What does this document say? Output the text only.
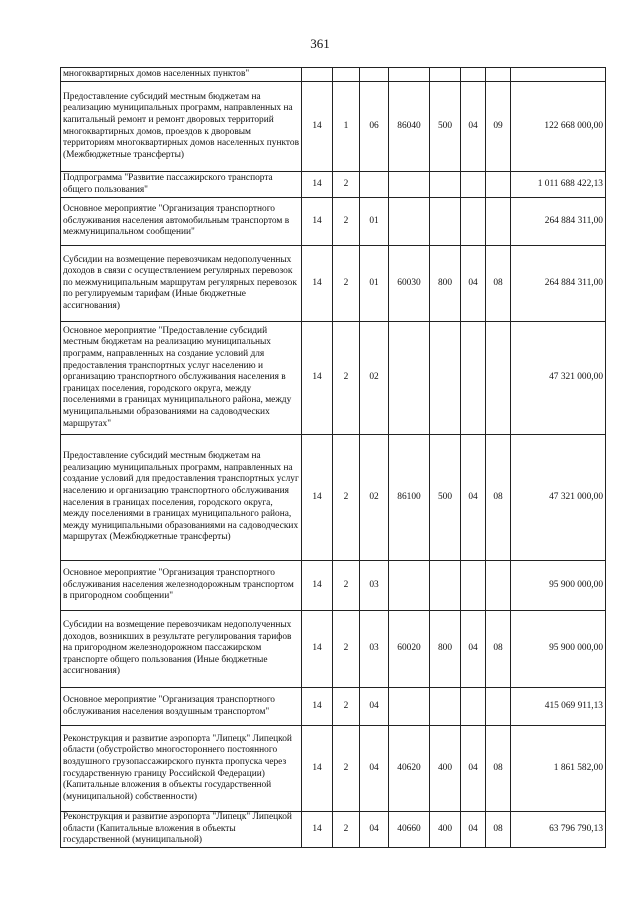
361
многоквартирных домов населенных пунктов"								
Предоставление субсидий местным бюджетам на реализацию муниципальных программ, направленных на капитальный ремонт и ремонт дворовых территорий многоквартирных домов, проездов к дворовым территориям многоквартирных домов населенных пунктов (Межбюджетные трансферты)	14	1	06	86040	500	04	09	122 668 000,00
Подпрограмма "Развитие пассажирского транспорта общего пользования"	14	2						1 011 688 422,13
Основное мероприятие "Организация транспортного обслуживания населения автомобильным транспортом в межмуниципальном сообщении"	14	2	01					264 884 311,00
Субсидии на возмещение перевозчикам недополученных доходов в связи с осуществлением регулярных перевозок по межмуниципальным маршрутам регулярных перевозок по регулируемым тарифам (Иные бюджетные ассигнования)	14	2	01	60030	800	04	08	264 884 311,00
Основное мероприятие "Предоставление субсидий местным бюджетам на реализацию муниципальных программ, направленных на создание условий для предоставления транспортных услуг населению и организацию транспортного обслуживания населения в границах поселения, городского округа, между поселениями в границах муниципального района, между муниципальными образованиями на садоводческих маршрутах"	14	2	02					47 321 000,00
Предоставление субсидий местным бюджетам на реализацию муниципальных программ, направленных на создание условий для предоставления транспортных услуг населению и организацию транспортного обслуживания населения в границах поселения, городского округа, между поселениями в границах муниципального района, между муниципальными образованиями на садоводческих маршрутах (Межбюджетные трансферты)	14	2	02	86100	500	04	08	47 321 000,00
Основное мероприятие "Организация транспортного обслуживания населения железнодорожным транспортом в пригородном сообщении"	14	2	03					95 900 000,00
Субсидии на возмещение перевозчикам недополученных доходов, возникших в результате регулирования тарифов на пригородном железнодорожном пассажирском транспорте общего пользования (Иные бюджетные ассигнования)	14	2	03	60020	800	04	08	95 900 000,00
Основное мероприятие "Организация транспортного обслуживания населения воздушным транспортом"	14	2	04					415 069 911,13
Реконструкция и развитие аэропорта "Липецк" Липецкой области (обустройство многостороннего постоянного воздушного грузопассажирского пункта пропуска через государственную границу Российской Федерации) (Капитальные вложения в объекты государственной (муниципальной) собственности)	14	2	04	40620	400	04	08	1 861 582,00
Реконструкция и развитие аэропорта "Липецк" Липецкой области (Капитальные вложения в объекты государственной (муниципальной)	14	2	04	40660	400	04	08	63 796 790,13
